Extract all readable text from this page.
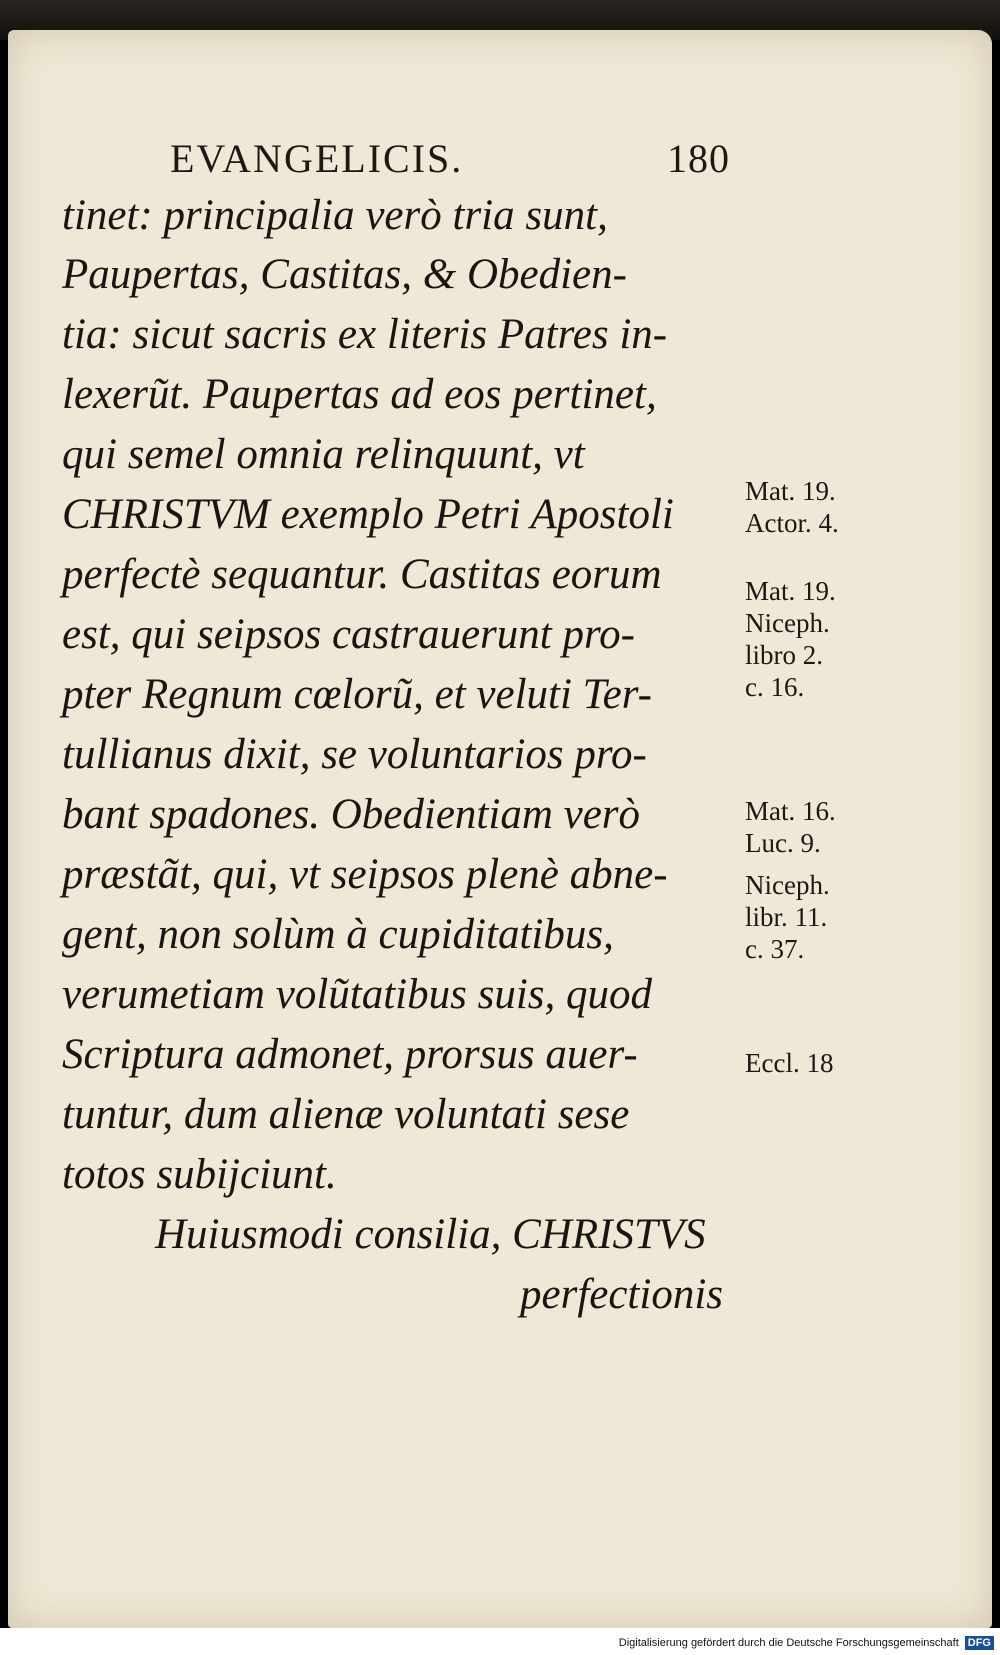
EVANGELICIS.	180
tinet: principalia verò tria sunt,
Paupertas, Castitas, & Obedien-
tia: sicut sacris ex literis Patres in-
lexerũt. Paupertas ad eos pertinet,
qui semel omnia relinquunt, vt
CHRISTVM exemplo Petri Apostoli
perfectè sequantur. Castitas eorum
est, qui seipsos castrauerunt pro-
pter Regnum cœlorũ, et veluti Ter-
tullianus dixit, se voluntarios pro-
bant spadones. Obedientiam verò
præstãt, qui, vt seipsos plenè abne-
gent, non solùm à cupiditatibus,
verumetiam volũtatibus suis, quod
Scriptura admonet, prorsus auer-
tuntur, dum alienæ voluntati sese
totos subijciunt.
Huiusmodi consilia, CHRISTVS
perfectionis
Mat. 19.
Actor. 4.
Mat. 19.
Niceph.
libro 2.
c. 16.
Mat. 16.
Luc. 9.
Niceph.
libr. 11.
c. 37.
Eccl. 18
Digitalisierung gefördert durch die Deutsche Forschungsgemeinschaft DFG
